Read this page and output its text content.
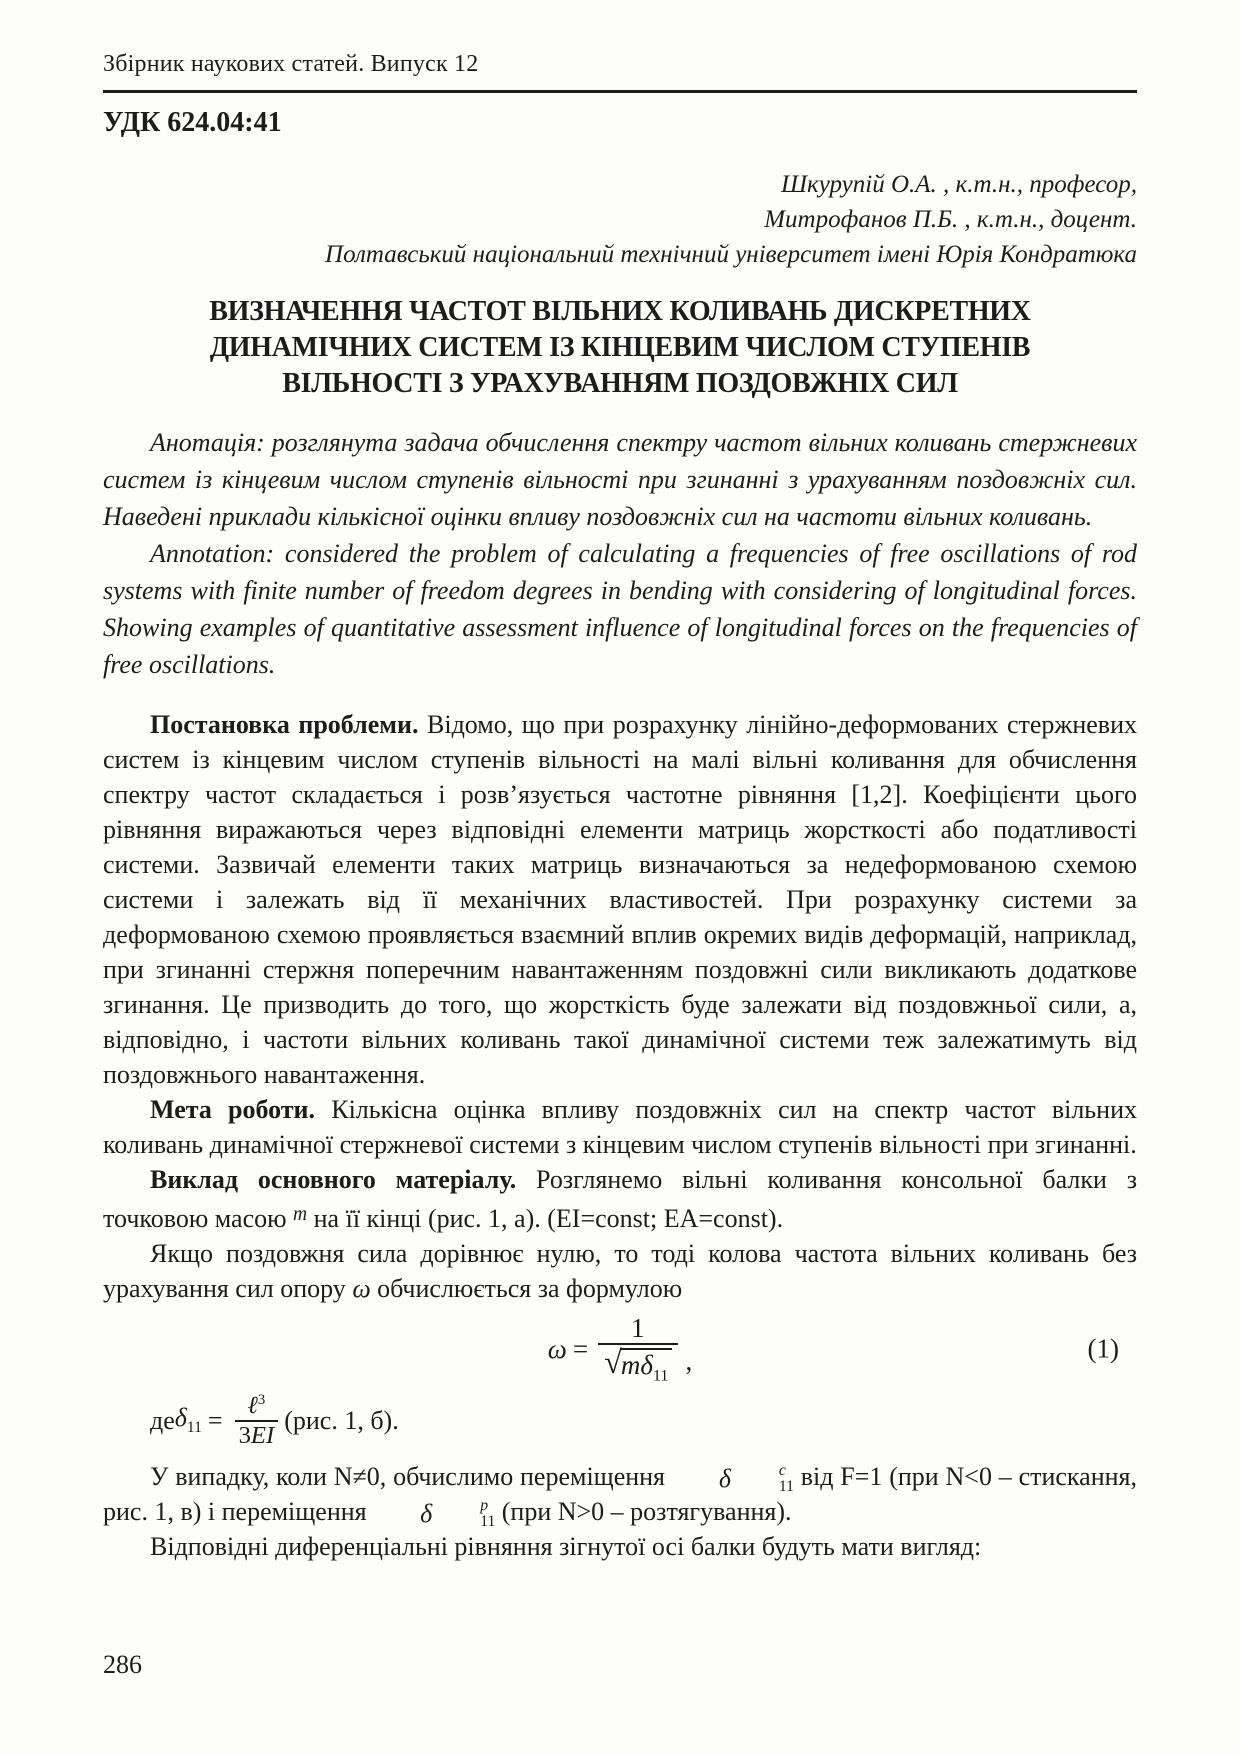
Збірник наукових статей. Випуск 12
УДК 624.04:41
Шкурупій О.А. , к.т.н., професор,
Митрофанов П.Б. , к.т.н., доцент.
Полтавський національний технічний університет імені Юрія Кондратюка
ВИЗНАЧЕННЯ ЧАСТОТ ВІЛЬНИХ КОЛИВАНЬ ДИСКРЕТНИХ
ДИНАМІЧНИХ СИСТЕМ ІЗ КІНЦЕВИМ ЧИСЛОМ СТУПЕНІВ
ВІЛЬНОСТІ З УРАХУВАННЯМ ПОЗДОВЖНІХ СИЛ

Анотація: розглянута задача обчислення спектру частот вільних коливань стержневих систем із кінцевим числом ступенів вільності при згинанні з урахуванням поздовжніх сил. Наведені приклади кількісної оцінки впливу поздовжніх сил на частоти вільних коливань.

Annotation: considered the problem of calculating a frequencies of free oscillations of rod systems with finite number of freedom degrees in bending with considering of longitudinal forces. Showing examples of quantitative assessment influence of longitudinal forces on the frequencies of free oscillations.

Постановка проблеми. Відомо, що при розрахунку лінійно-деформованих стержневих систем із кінцевим числом ступенів вільності на малі вільні коливання для обчислення спектру частот складається і розв’язується частотне рівняння [1,2]. Коефіцієнти цього рівняння виражаються через відповідні елементи матриць жорсткості або податливості системи. Зазвичай елементи таких матриць визначаються за недеформованою схемою системи і залежать від її механічних властивостей. При розрахунку системи за деформованою схемою проявляється взаємний вплив окремих видів деформацій, наприклад, при згинанні стержня поперечним навантаженням поздовжні сили викликають додаткове згинання. Це призводить до того, що жорсткість буде залежати від поздовжньої сили, а, відповідно, і частоти вільних коливань такої динамічної системи теж залежатимуть від поздовжнього навантаження.

Мета роботи. Кількісна оцінка впливу поздовжніх сил на спектр частот вільних коливань динамічної стержневої системи з кінцевим числом ступенів вільності при згинанні.

Виклад основного матеріалу. Розглянемо вільні коливання консольної балки з точковою масою $^m$ на її кінці (рис. 1, а). (EI=const; EA=const).

Якщо поздовжня сила дорівнює нулю, то тоді колова частота вільних коливань без урахування сил опору ω обчислюється за формулою

$\omega = \frac{1}{√ m\delta_{11}}$ ,	(1)
де $\delta_{11} = \frac{\ell^3}{3EI} (рис$. 1, б).

У випадку, коли N≠0, обчислимо переміщення	δ	c
11 від F=1 (при N<0 – стискання, рис. 1, в) і переміщення	δ	p
11 (при N>0 – розтягування).

Відповідні диференціальні рівняння зігнутої осі балки будуть мати вигляд:

286
